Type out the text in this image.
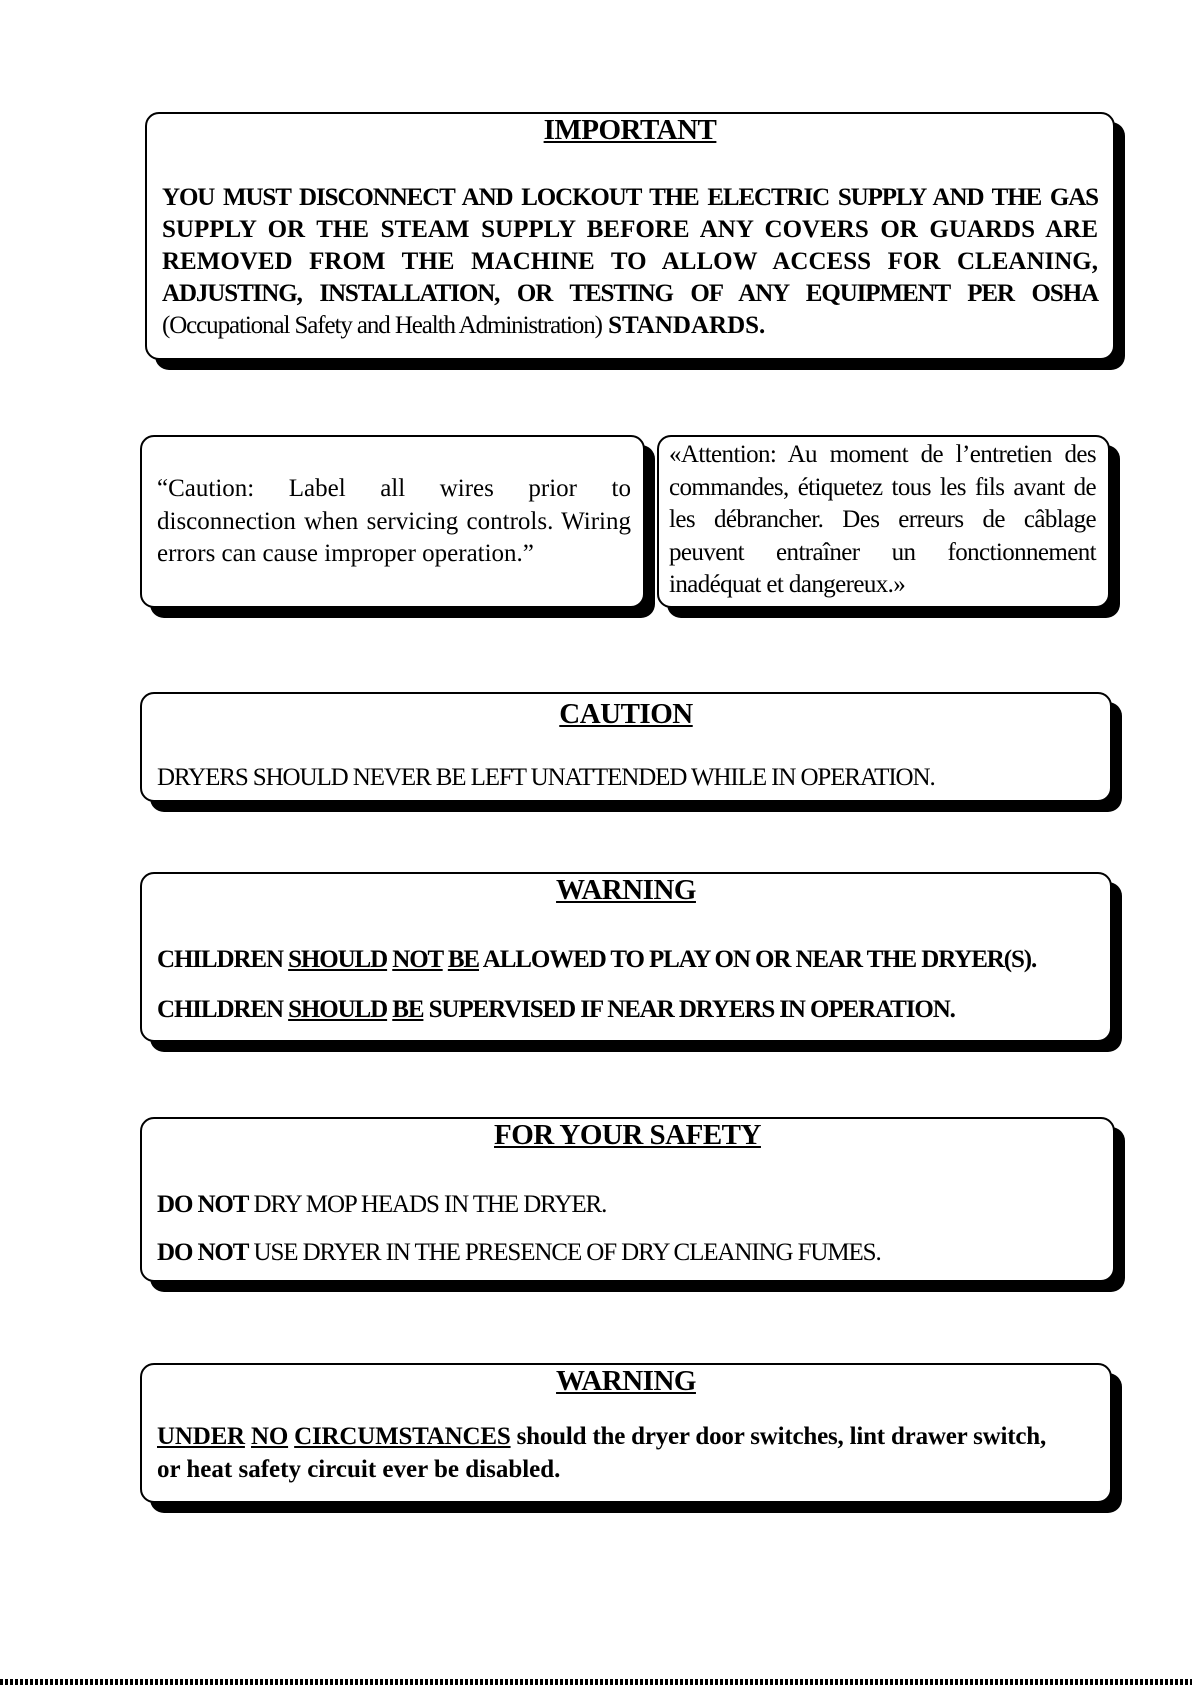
IMPORTANT
YOU MUST DISCONNECT AND LOCKOUT THE ELECTRIC SUPPLY AND THE GAS
SUPPLY OR THE STEAM SUPPLY BEFORE ANY COVERS OR GUARDS ARE
REMOVED FROM THE MACHINE TO ALLOW ACCESS FOR CLEANING,
ADJUSTING, INSTALLATION, OR TESTING OF ANY EQUIPMENT PER OSHA
(Occupational Safety and Health Administration) STANDARDS.
“Caution: Label all wires prior to disconnection when servicing controls. Wiring errors can cause improper operation.”
«Attention: Au moment de l’entretien des commandes, étiquetez tous les fils avant de les débrancher. Des erreurs de câblage peuvent entraîner un fonctionnement inadéquat et dangereux.»
CAUTION
DRYERS SHOULD NEVER BE LEFT UNATTENDED WHILE IN OPERATION.
WARNING
CHILDREN SHOULD NOT BE ALLOWED TO PLAY ON OR NEAR THE DRYER(S).
CHILDREN SHOULD BE SUPERVISED IF NEAR DRYERS IN OPERATION.
FOR YOUR SAFETY
DO NOT DRY MOP HEADS IN THE DRYER.
DO NOT USE DRYER IN THE PRESENCE OF DRY CLEANING FUMES.
WARNING
UNDER NO CIRCUMSTANCES should the dryer door switches, lint drawer switch,
or heat safety circuit ever be disabled.
